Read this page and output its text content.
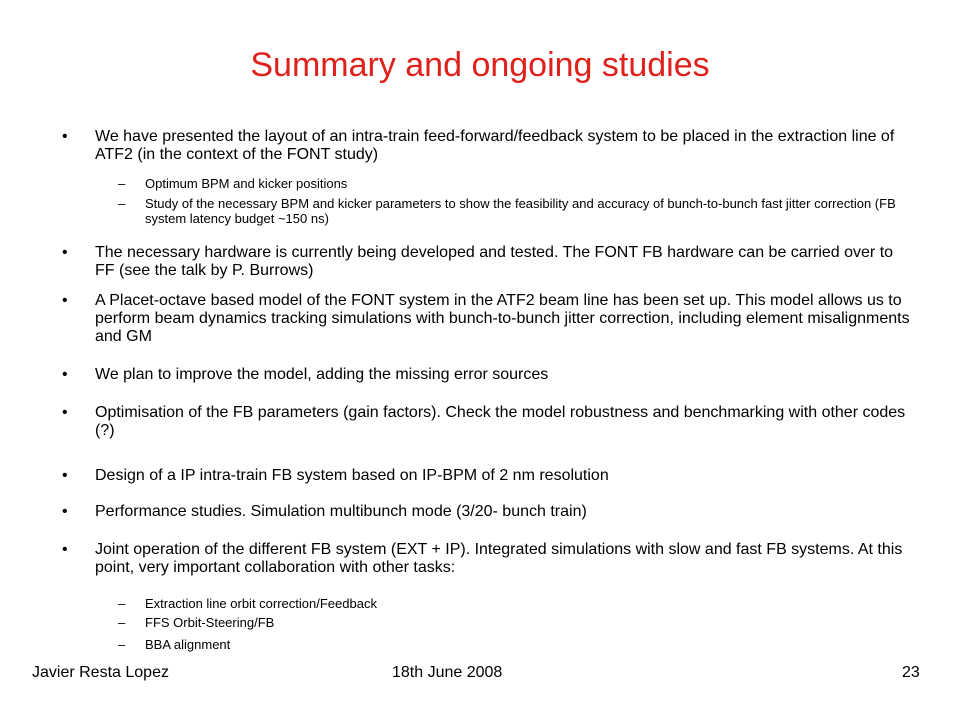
Summary and ongoing studies
• We have presented the layout of an intra-train feed-forward/feedback system to be placed in the extraction line of ATF2 (in the context of the FONT study)
– Optimum BPM and kicker positions
– Study of the necessary BPM and kicker parameters to show the feasibility and accuracy of bunch-to-bunch fast jitter correction (FB system latency budget ~150 ns)
• The necessary hardware is currently being developed and tested. The FONT FB hardware can be carried over to FF (see the talk by P. Burrows)
• A Placet-octave based model of the FONT system in the ATF2 beam line has been set up. This model allows us to perform beam dynamics tracking simulations with bunch-to-bunch jitter correction, including element misalignments and GM
• We plan to improve the model, adding the missing error sources
• Optimisation of the FB parameters (gain factors). Check the model robustness and benchmarking with other codes (?)
• Design of a IP intra-train FB system based on IP-BPM of 2 nm resolution
• Performance studies. Simulation multibunch mode (3/20- bunch train)
• Joint operation of the different FB system (EXT + IP). Integrated simulations with slow and fast FB systems. At this point, very important collaboration with other tasks:
– Extraction line orbit correction/Feedback
– FFS Orbit-Steering/FB
– BBA alignment
Javier Resta Lopez	18th June 2008	23
